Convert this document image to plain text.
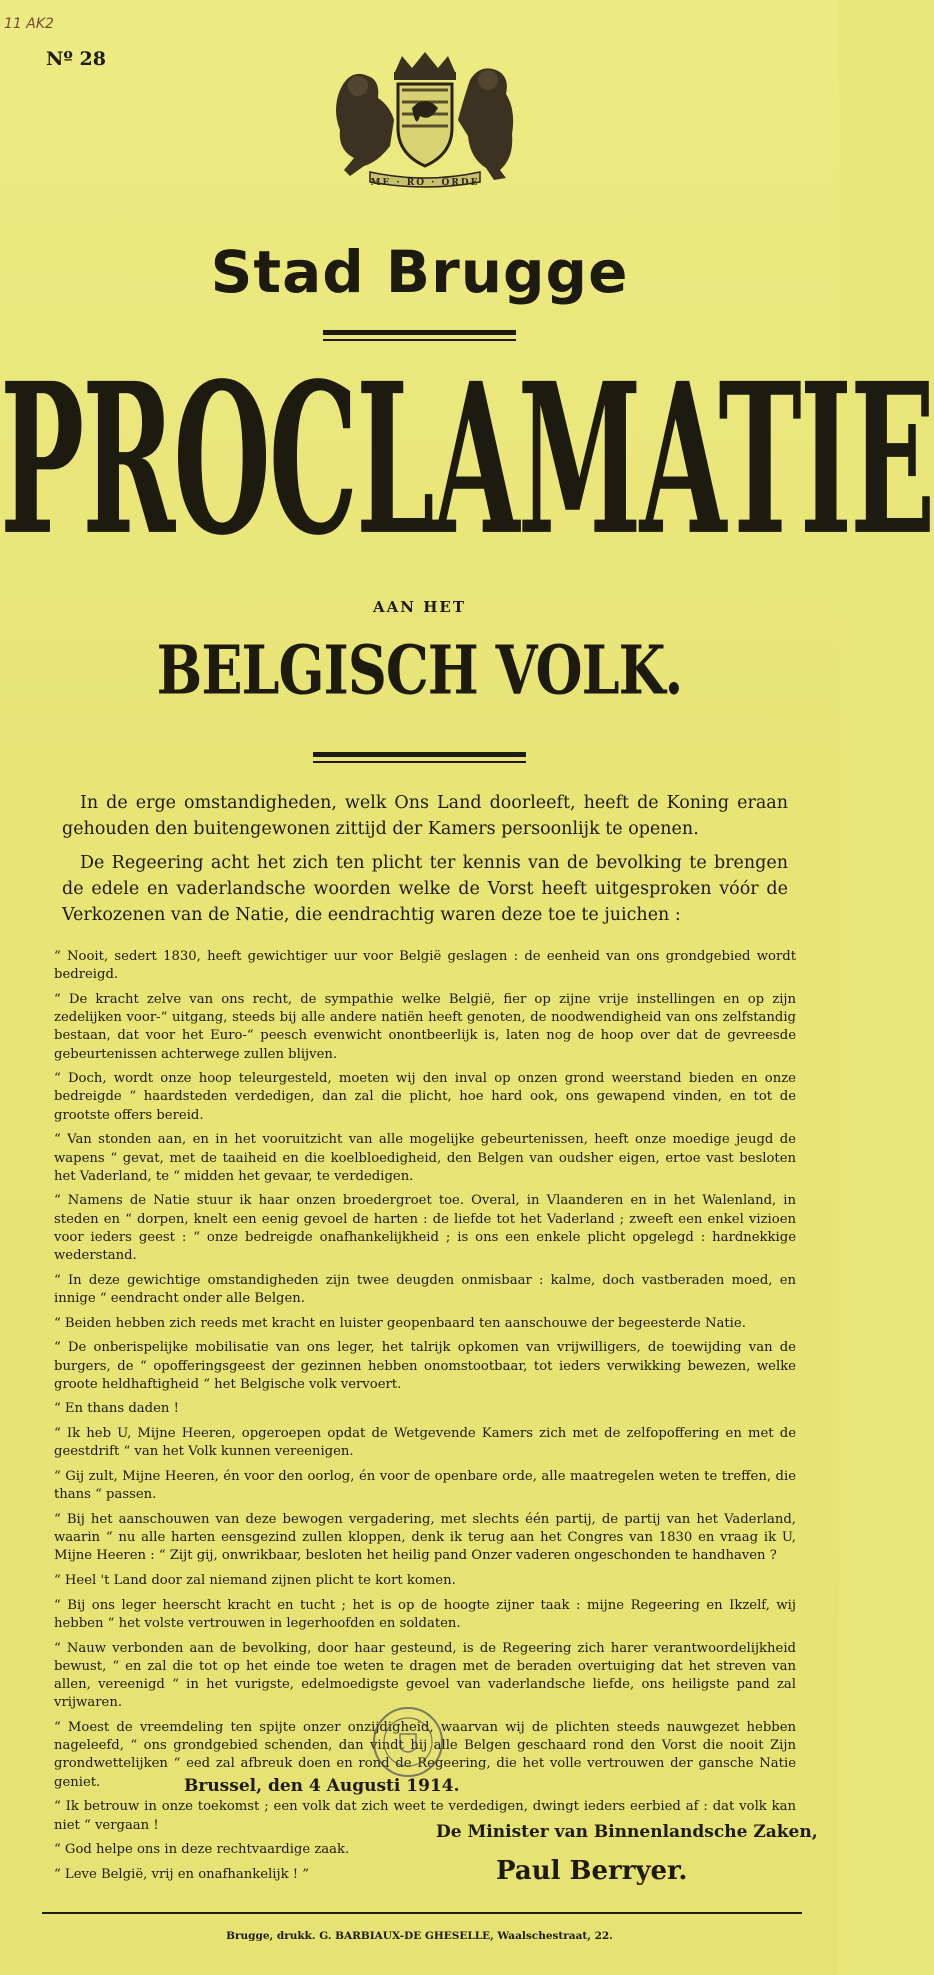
11 AK2
Nº 28
ME · RO · ORDE
Stad Brugge
PROCLAMATIE
AAN HET
BELGISCH VOLK.

In de erge omstandigheden, welk Ons Land doorleeft, heeft de Koning eraan gehouden den buitengewonen zittijd der Kamers persoonlijk te openen.

De Regeering acht het zich ten plicht ter kennis van de bevolking te brengen de edele en vaderlandsche woorden welke de Vorst heeft uitgesproken vóór de Verkozenen van de Natie, die eendrachtig waren deze toe te juichen :

“ Nooit, sedert 1830, heeft gewichtiger uur voor België geslagen : de eenheid van ons grondgebied wordt bedreigd.

“ De kracht zelve van ons recht, de sympathie welke België, fier op zijne vrije instellingen en op zijn zedelijken voor-“ uitgang, steeds bij alle andere natiën heeft genoten, de noodwendigheid van ons zelfstandig bestaan, dat voor het Euro-“ peesch evenwicht onontbeerlijk is, laten nog de hoop over dat de gevreesde gebeurtenissen achterwege zullen blijven.

“ Doch, wordt onze hoop teleurgesteld, moeten wij den inval op onzen grond weerstand bieden en onze bedreigde “ haardsteden verdedigen, dan zal die plicht, hoe hard ook, ons gewapend vinden, en tot de grootste offers bereid.

“ Van stonden aan, en in het vooruitzicht van alle mogelijke gebeurtenissen, heeft onze moedige jeugd de wapens “ gevat, met de taaiheid en die koelbloedigheid, den Belgen van oudsher eigen, ertoe vast besloten het Vaderland, te “ midden het gevaar, te verdedigen.

“ Namens de Natie stuur ik haar onzen broedergroet toe. Overal, in Vlaanderen en in het Walenland, in steden en “ dorpen, knelt een eenig gevoel de harten : de liefde tot het Vaderland ; zweeft een enkel vizioen voor ieders geest : “ onze bedreigde onafhankelijkheid ; is ons een enkele plicht opgelegd : hardnekkige wederstand.

“ In deze gewichtige omstandigheden zijn twee deugden onmisbaar : kalme, doch vastberaden moed, en innige “ eendracht onder alle Belgen.

“ Beiden hebben zich reeds met kracht en luister geopenbaard ten aanschouwe der begeesterde Natie.

“ De onberispelijke mobilisatie van ons leger, het talrijk opkomen van vrijwilligers, de toewijding van de burgers, de “ opofferingsgeest der gezinnen hebben onomstootbaar, tot ieders verwikking bewezen, welke groote heldhaftigheid “ het Belgische volk vervoert.

“ En thans daden !

“ Ik heb U, Mijne Heeren, opgeroepen opdat de Wetgevende Kamers zich met de zelfopoffering en met de geestdrift “ van het Volk kunnen vereenigen.

“ Gij zult, Mijne Heeren, én voor den oorlog, én voor de openbare orde, alle maatregelen weten te treffen, die thans “ passen.

“ Bij het aanschouwen van deze bewogen vergadering, met slechts één partij, de partij van het Vaderland, waarin “ nu alle harten eensgezind zullen kloppen, denk ik terug aan het Congres van 1830 en vraag ik U, Mijne Heeren : “ Zijt gij, onwrikbaar, besloten het heilig pand Onzer vaderen ongeschonden te handhaven ?

“ Heel 't Land door zal niemand zijnen plicht te kort komen.

“ Bij ons leger heerscht kracht en tucht ; het is op de hoogte zijner taak : mijne Regeering en Ikzelf, wij hebben “ het volste vertrouwen in legerhoofden en soldaten.

“ Nauw verbonden aan de bevolking, door haar gesteund, is de Regeering zich harer verantwoordelijkheid bewust, “ en zal die tot op het einde toe weten te dragen met de beraden overtuiging dat het streven van allen, vereenigd “ in het vurigste, edelmoedigste gevoel van vaderlandsche liefde, ons heiligste pand zal vrijwaren.

“ Moest de vreemdeling ten spijte onzer onzijdigheid, waarvan wij de plichten steeds nauwgezet hebben nageleefd, “ ons grondgebied schenden, dan vindt hij alle Belgen geschaard rond den Vorst die nooit Zijn grondwettelijken “ eed zal afbreuk doen en rond de Regeering, die het volle vertrouwen der gansche Natie geniet.

“ Ik betrouw in onze toekomst ; een volk dat zich weet te verdedigen, dwingt ieders eerbied af : dat volk kan niet “ vergaan !

“ God helpe ons in deze rechtvaardige zaak.

“ Leve België, vrij en onafhankelijk ! ”

Brussel, den 4 Augusti 1914.
De Minister van Binnenlandsche Zaken,
Paul Berryer.
Brugge, drukk. G. BARBIAUX-DE GHESELLE, Waalschestraat, 22.
